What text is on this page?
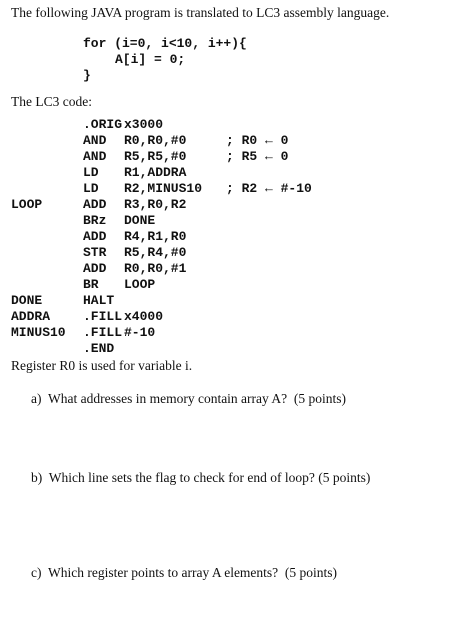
The following JAVA program is translated to LC3 assembly language.
for (i=0, i<10, i++){
A[i] = 0;
}
The LC3 code:
.ORIG x3000
AND R0,R0,#0	; R0 ← 0
AND R5,R5,#0	; R5 ← 0
LD R1,ADDRA
LD R2,MINUS10 ; R2 ← #-10
LOOP	ADD R3,R0,R2
BRz DONE
ADD R4,R1,R0
STR R5,R4,#0
ADD R0,R0,#1
BR LOOP
DONE	HALT
ADDRA	.FILL x4000
MINUS10 .FILL #-10
.END
Register R0 is used for variable i.
a)  What addresses in memory contain array A?  (5 points)
b)  Which line sets the flag to check for end of loop? (5 points)
c)  Which register points to array A elements?  (5 points)
